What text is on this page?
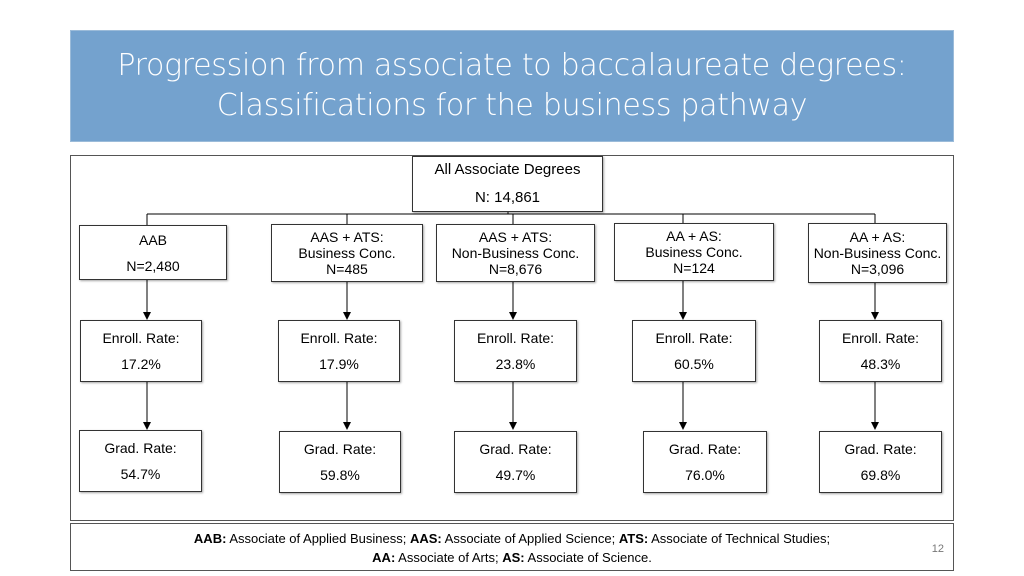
Progression from associate to baccalaureate degrees:
Classifications for the business pathway
All Associate Degrees
N: 14,861
AAB
N=2,480
AAS + ATS:
Business Conc.
N=485
AAS + ATS:
Non-Business Conc.
N=8,676
AA + AS:
Business Conc.
N=124
AA + AS:
Non-Business Conc.
N=3,096
Enroll. Rate:
17.2%
Enroll. Rate:
17.9%
Enroll. Rate:
23.8%
Enroll. Rate:
60.5%
Enroll. Rate:
48.3%
Grad. Rate:
54.7%
Grad. Rate:
59.8%
Grad. Rate:
49.7%
Grad. Rate:
76.0%
Grad. Rate:
69.8%
AAB: Associate of Applied Business; AAS: Associate of Applied Science; ATS: Associate of Technical Studies;
AA: Associate of Arts; AS: Associate of Science.
12
